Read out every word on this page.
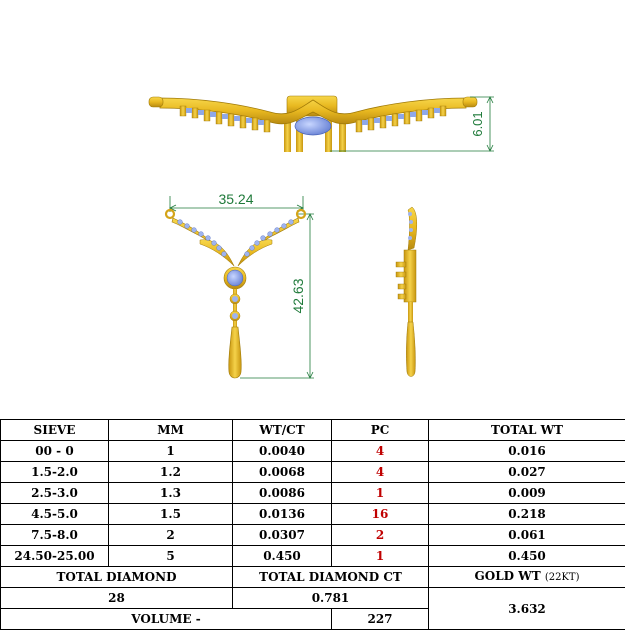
6.01
35.24
42.63
SIEVE	MM	WT/CT	PC	TOTAL WT
00 - 0	1	0.0040	4	0.016
1.5-2.0	1.2	0.0068	4	0.027
2.5-3.0	1.3	0.0086	1	0.009
4.5-5.0	1.5	0.0136	16	0.218
7.5-8.0	2	0.0307	2	0.061
24.50-25.00	5	0.450	1	0.450
TOTAL DIAMOND		TOTAL DIAMOND CT		GOLD WT (22KT)
28		0.781		3.632
VOLUME -			227	
